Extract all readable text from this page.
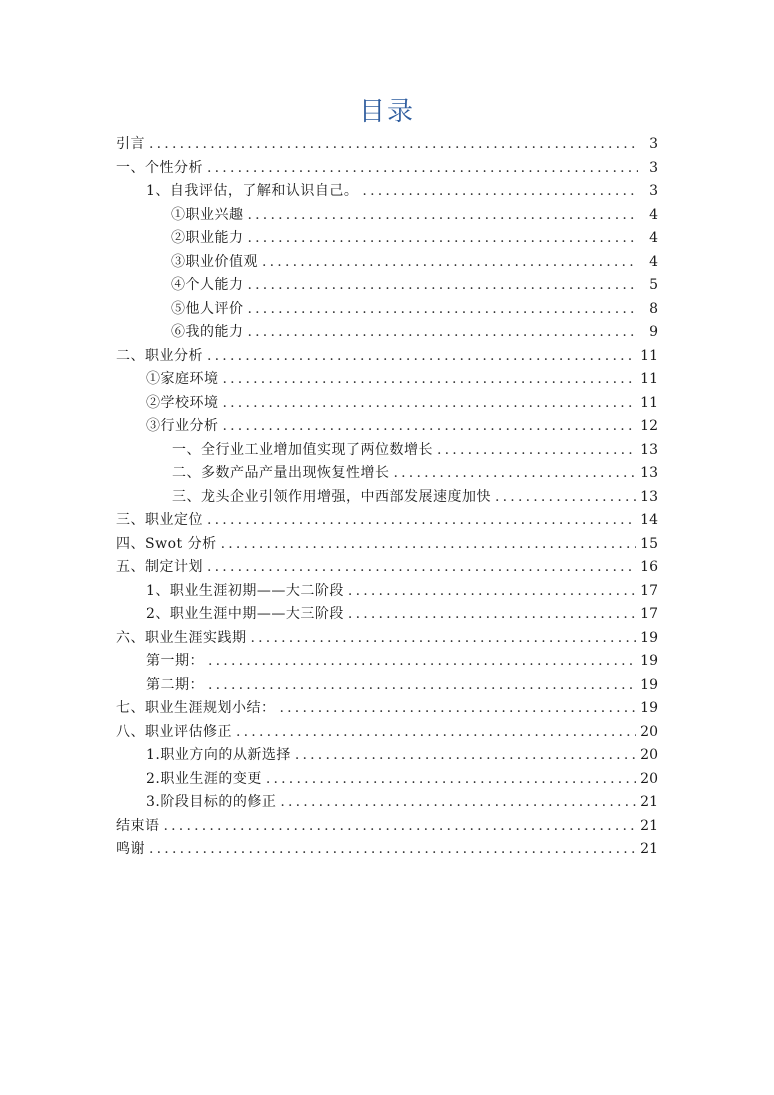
目录
引言 .....	3
一、个性分析 .....	3
1、自我评估，了解和认识自己。 .....	3
①职业兴趣 .....	4
②职业能力 .....	4
③职业价值观 .....	4
④个人能力 .....	5
⑤他人评价 .....	8
⑥我的能力 .....	9
二、职业分析 .....	11
①家庭环境 .....	11
②学校环境 .....	11
③行业分析 .....	12
一、全行业工业增加值实现了两位数增长 .....	13
二、多数产品产量出现恢复性增长 .....	13
三、龙头企业引领作用增强，中西部发展速度加快 .....	13
三、职业定位 .....	14
四、Swot 分析 .....	15
五、制定计划 .....	16
1、职业生涯初期——大二阶段 .....	17
2、职业生涯中期——大三阶段 .....	17
六、职业生涯实践期 .....	19
第一期： .....	19
第二期： .....	19
七、职业生涯规划小结： .....	19
八、职业评估修正 .....	20
1.职业方向的从新选择 .....	20
2.职业生涯的变更 .....	20
3.阶段目标的的修正 .....	21
结束语 .....	21
鸣谢 .....	21
